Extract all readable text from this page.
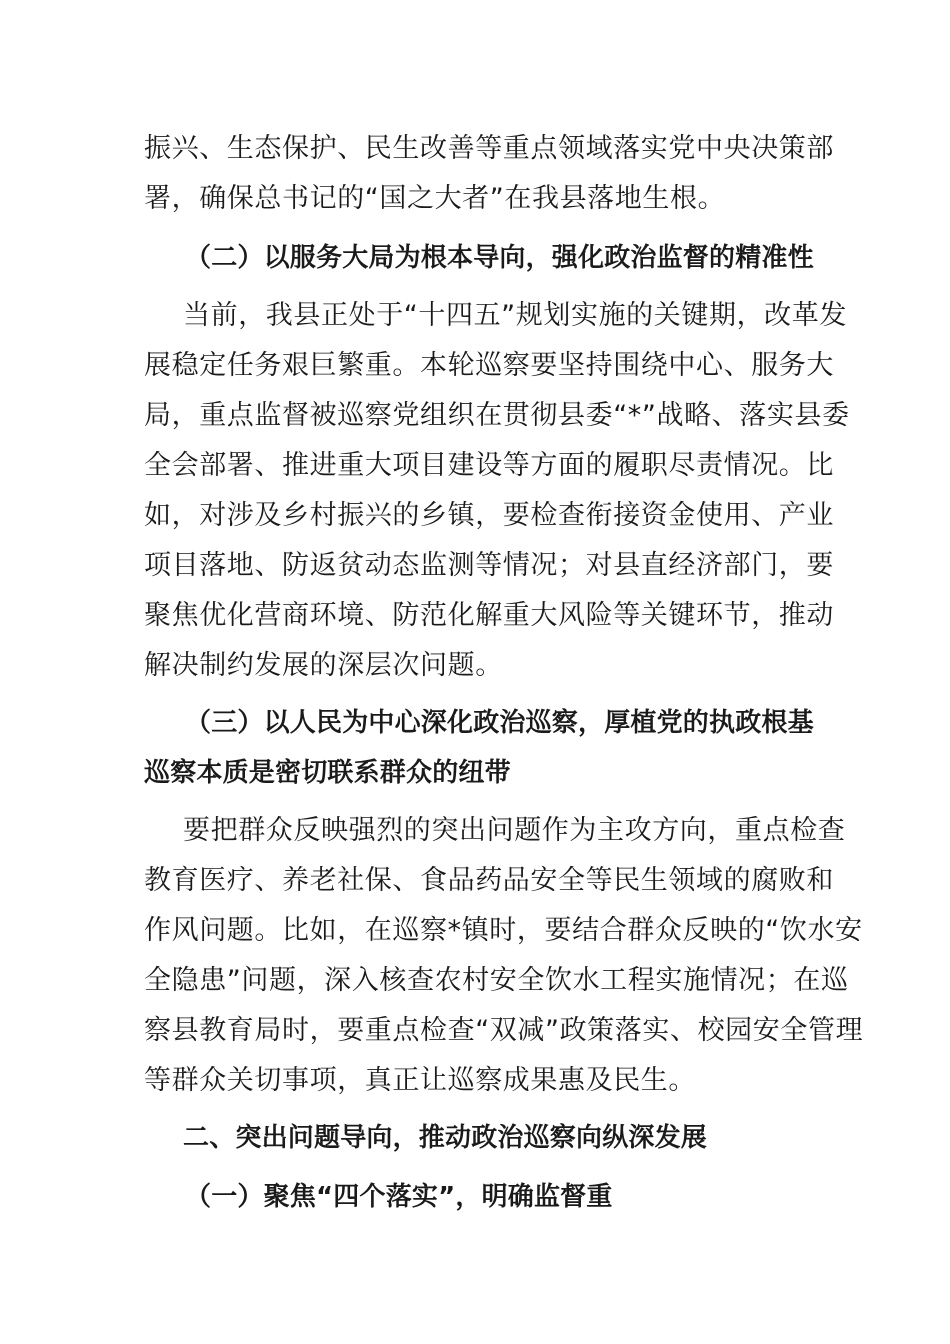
振兴、生态保护、民生改善等重点领域落实党中央决策部
署，确保总书记的“国之大者”在我县落地生根。
（二）以服务大局为根本导向，强化政治监督的精准性
当前，我县正处于“十四五”规划实施的关键期，改革发
展稳定任务艰巨繁重。本轮巡察要坚持围绕中心、服务大
局，重点监督被巡察党组织在贯彻县委“*”战略、落实县委
全会部署、推进重大项目建设等方面的履职尽责情况。比
如，对涉及乡村振兴的乡镇，要检查衔接资金使用、产业
项目落地、防返贫动态监测等情况；对县直经济部门，要
聚焦优化营商环境、防范化解重大风险等关键环节，推动
解决制约发展的深层次问题。
（三）以人民为中心深化政治巡察，厚植党的执政根基
巡察本质是密切联系群众的纽带
要把群众反映强烈的突出问题作为主攻方向，重点检查
教育医疗、养老社保、食品药品安全等民生领域的腐败和
作风问题。比如，在巡察*镇时，要结合群众反映的“饮水安
全隐患”问题，深入核查农村安全饮水工程实施情况；在巡
察县教育局时，要重点检查“双减”政策落实、校园安全管理
等群众关切事项，真正让巡察成果惠及民生。
二、突出问题导向，推动政治巡察向纵深发展
（一）聚焦“四个落实”，明确监督重
